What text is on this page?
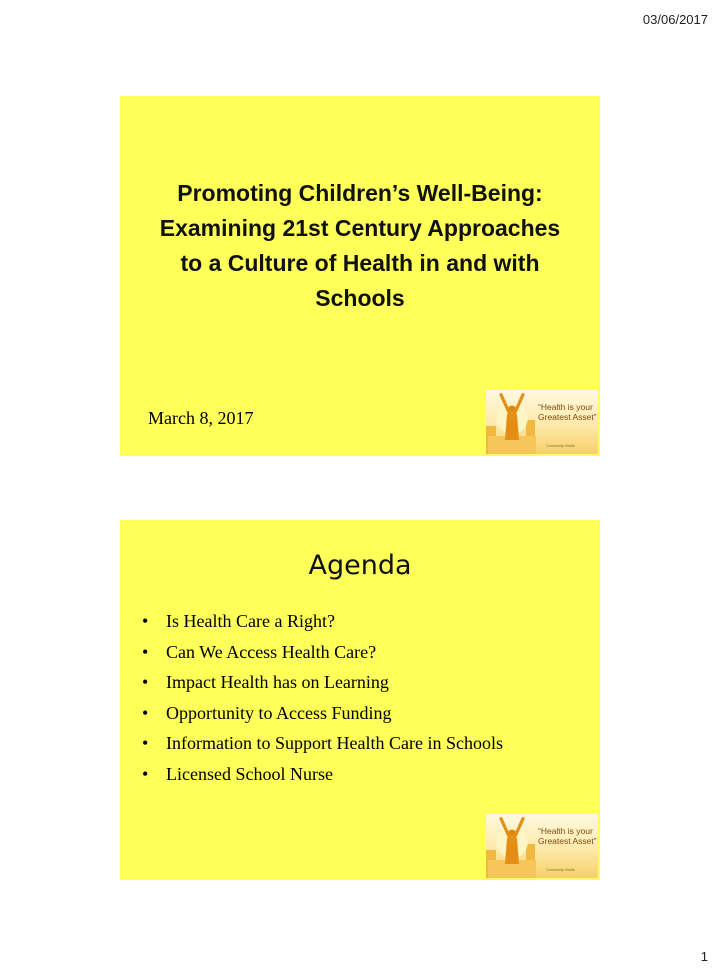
03/06/2017
Promoting Children’s Well-Being:
Examining 21st Century Approaches
to a Culture of Health in and with
Schools
March 8, 2017
“Health is your
Greatest Asset”
Community Health
Agenda
• Is Health Care a Right?
• Can We Access Health Care?
• Impact Health has on Learning
• Opportunity to Access Funding
• Information to Support Health Care in Schools
• Licensed School Nurse
“Health is your
Greatest Asset”
Community Health
1
